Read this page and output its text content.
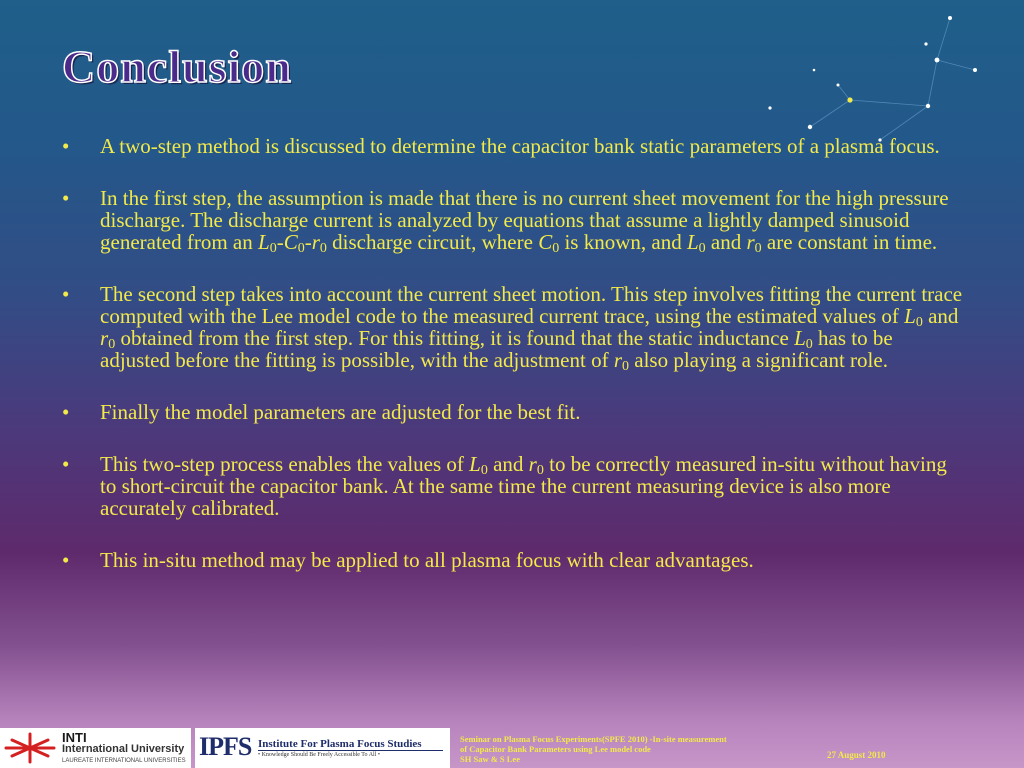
Conclusion
• A two-step method is discussed to determine the capacitor bank static parameters of a plasma focus.
• In the first step, the assumption is made that there is no current sheet movement for the high pressure discharge. The discharge current is analyzed by equations that assume a lightly damped sinusoid generated from an $L_0-C_0-r_0$ discharge circuit, where $C_0$ is known, and $L_0$ and $r_0$ are constant in time.
• The second step takes into account the current sheet motion. This step involves fitting the current trace computed with the Lee model code to the measured current trace, using the estimated values of $L_0$ and $r_0$ obtained from the first step. For this fitting, it is found that the static inductance $L_0$ has to be adjusted before the fitting is possible, with the adjustment of $r_0$ also playing a significant role.
• Finally the model parameters are adjusted for the best fit.
• This two-step process enables the values of $L_0$ and $r_0$ to be correctly measured in-situ without having to short-circuit the capacitor bank. At the same time the current measuring device is also more accurately calibrated.
• This in-situ method may be applied to all plasma focus with clear advantages.
INTI
International University
LAUREATE INTERNATIONAL UNIVERSITIES IPFS Institute For Plasma Focus Studies
• Knowledge Should Be Freely Accessible To All •
Seminar on Plasma Focus Experiments(SPFE 2010) -In-site measurement
of Capacitor Bank Parameters using Lee model code
SH Saw & S Lee	27 August 2010
